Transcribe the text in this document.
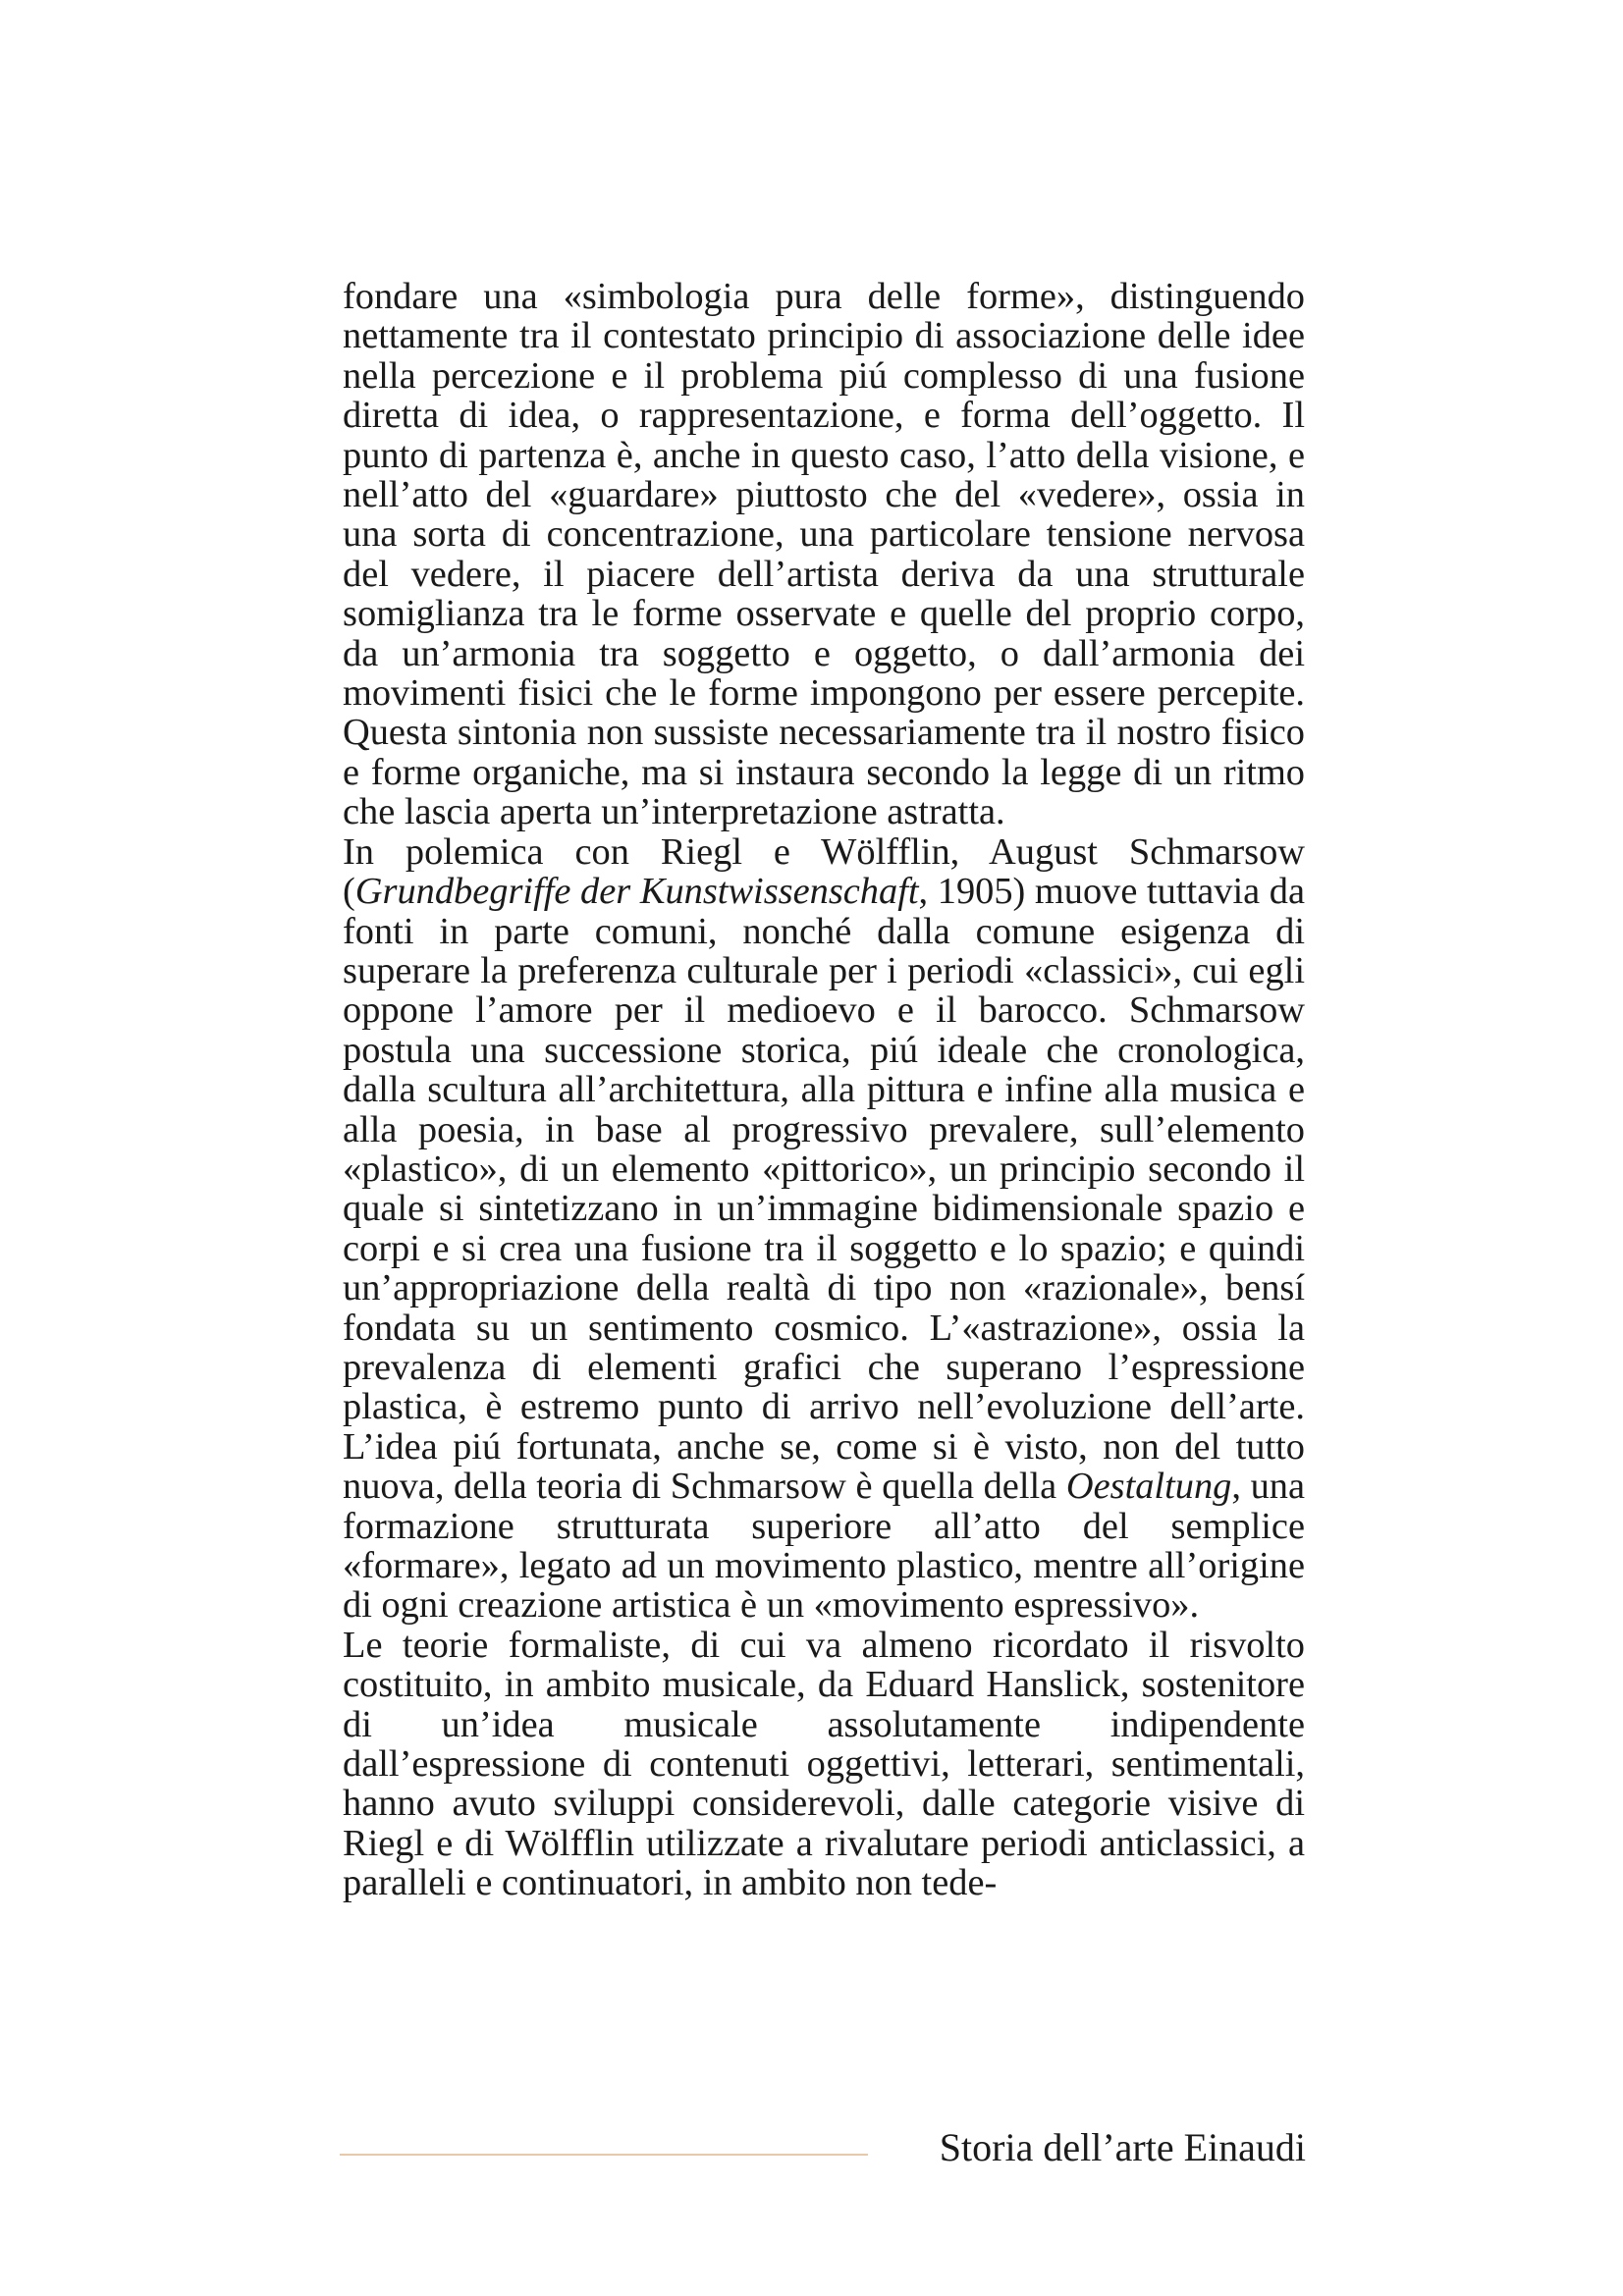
fondare una «simbologia pura delle forme», distinguendo nettamente tra il contestato principio di associazione delle idee nella percezione e il problema piú complesso di una fusione diretta di idea, o rappresentazione, e forma dell’oggetto. Il punto di partenza è, anche in questo caso, l’atto della visione, e nell’atto del «guardare» piuttosto che del «vedere», ossia in una sorta di concentrazione, una particolare tensione nervosa del vedere, il piacere dell’artista deriva da una strutturale somiglianza tra le forme osservate e quelle del proprio corpo, da un’armonia tra soggetto e oggetto, o dall’armonia dei movimenti fisici che le forme impongono per essere percepite. Questa sintonia non sussiste necessariamente tra il nostro fisico e forme organiche, ma si instaura secondo la legge di un ritmo che lascia aperta un’interpretazione astratta.

In polemica con Riegl e Wölfflin, August Schmarsow (Grundbegriffe der Kunstwissenschaft, 1905) muove tuttavia da fonti in parte comuni, nonché dalla comune esigenza di superare la preferenza culturale per i periodi «classici», cui egli oppone l’amore per il medioevo e il barocco. Schmarsow postula una successione storica, piú ideale che cronologica, dalla scultura all’architettura, alla pittura e infine alla musica e alla poesia, in base al progressivo prevalere, sull’elemento «plastico», di un elemento «pittorico», un principio secondo il quale si sintetizzano in un’immagine bidimensionale spazio e corpi e si crea una fusione tra il soggetto e lo spazio; e quindi un’appropriazione della realtà di tipo non «razionale», bensí fondata su un sentimento cosmico. L’«astrazione», ossia la prevalenza di elementi grafici che superano l’espressione plastica, è estremo punto di arrivo nell’evoluzione dell’arte. L’idea piú fortunata, anche se, come si è visto, non del tutto nuova, della teoria di Schmarsow è quella della Oestaltung, una formazione strutturata superiore all’atto del semplice «formare», legato ad un movimento plastico, mentre all’origine di ogni creazione artistica è un «movimento espressivo».

Le teorie formaliste, di cui va almeno ricordato il risvolto costituito, in ambito musicale, da Eduard Hanslick, sostenitore di un’idea musicale assolutamente indipendente dall’espressione di contenuti oggettivi, letterari, sentimentali, hanno avuto sviluppi considerevoli, dalle categorie visive di Riegl e di Wölfflin utilizzate a rivalutare periodi anticlassici, a paralleli e continuatori, in ambito non tede-

Storia dell’arte Einaudi
